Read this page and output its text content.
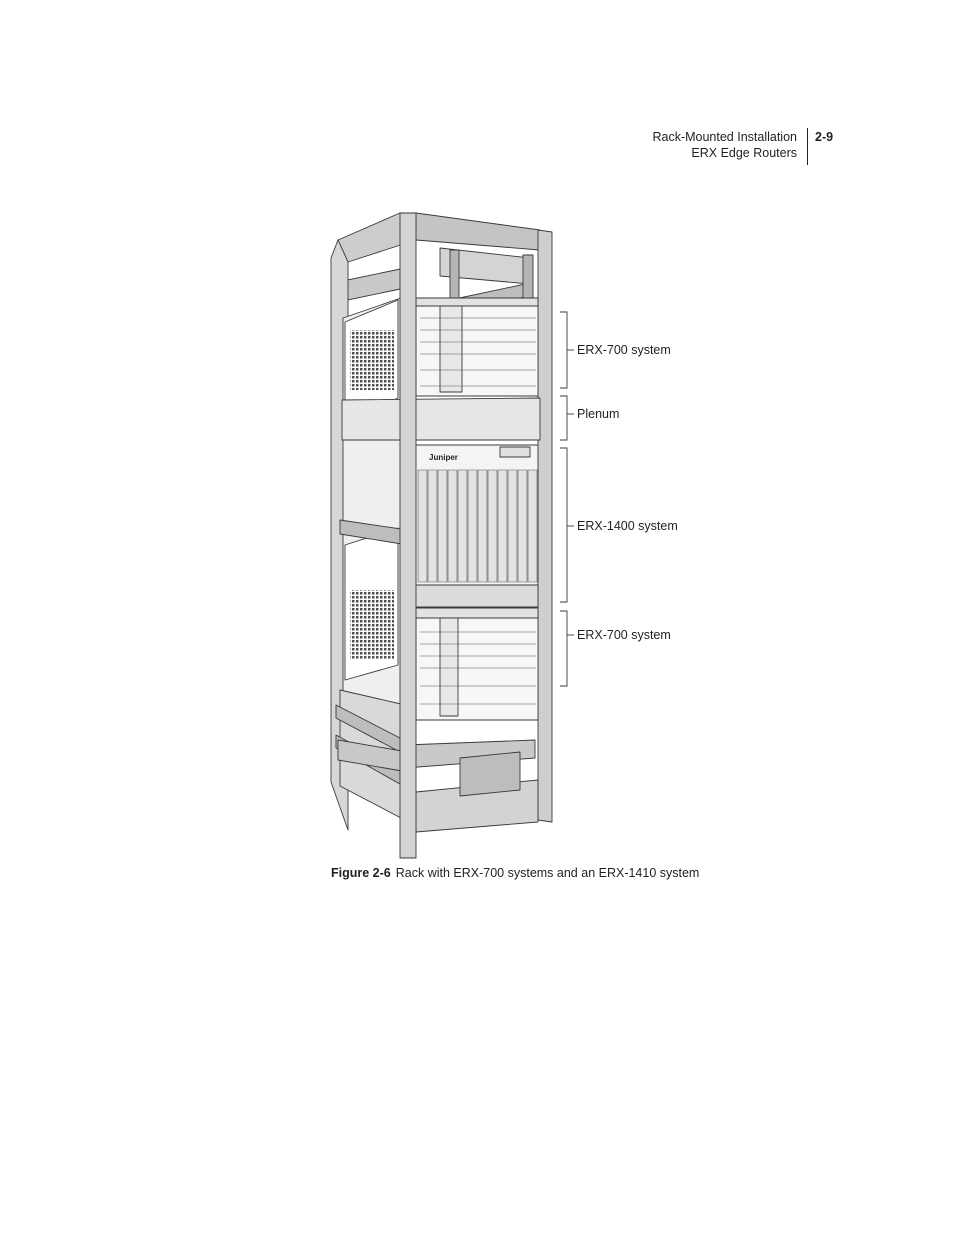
Rack-Mounted Installation
ERX Edge Routers
2-9
Juniper
ERX-700 system
Plenum
ERX-1400 system
ERX-700 system
Figure 2-6 Rack with ERX-700 systems and an ERX-1410 system
